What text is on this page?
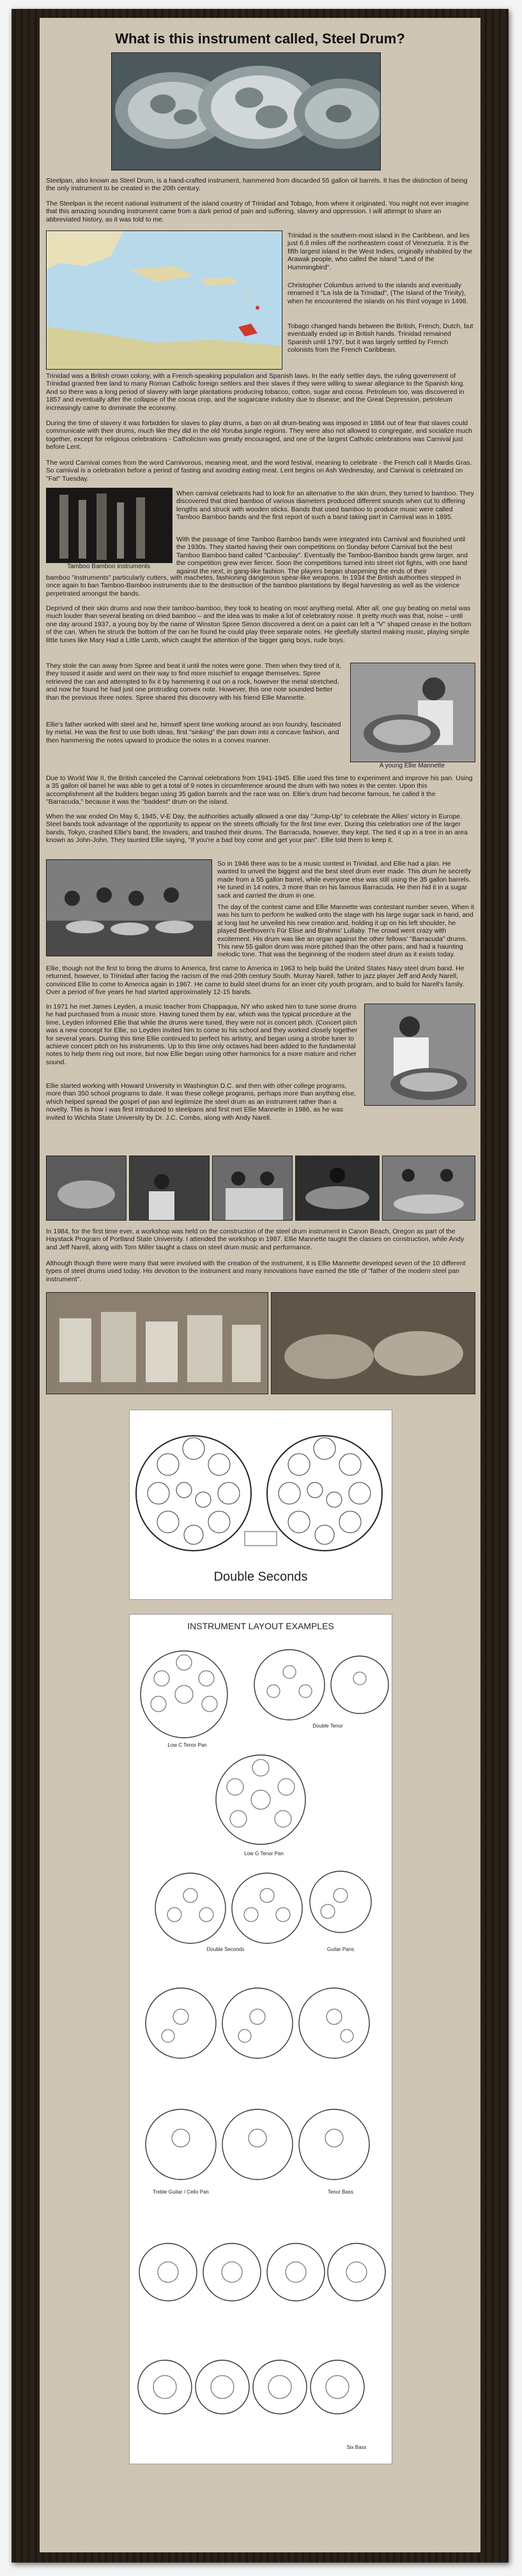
What is this instrument called, Steel Drum?

Steelpan, also known as Steel Drum, is a hand-crafted instrument, hammered from discarded 55 gallon oil barrels. It has the distinction of being the only instrument to be created in the 20th century.

The Steelpan is the recent national instrument of the island country of Trinidad and Tobago, from where it originated. You might not ever imagine that this amazing sounding instrument came from a dark period of pain and suffering, slavery and oppression. I will attempt to share an abbreviated history, as it was told to me.

Trinidad is the southern-most island in the Caribbean, and lies just 6.8 miles off the northeastern coast of Venezuela. It is the fifth largest island in the West Indies, originally inhabited by the Arawak people, who called the island "Land of the Hummingbird".

Christopher Columbus arrived to the islands and eventually renamed it "La Isla de la Trinidad", (The Island of the Trinity), when he encountered the islands on his third voyage in 1498.

Tobago changed hands between the British, French, Dutch, but eventually ended up in British hands. Trinidad remained Spanish until 1797, but it was largely settled by French colonists from the French Caribbean.

Trinidad was a British crown colony, with a French-speaking population and Spanish laws. In the early settler days, the ruling government of Trinidad granted free land to many Roman Catholic foreign settlers and their slaves if they were willing to swear allegiance to the Spanish king. And so there was a long period of slavery with large plantations producing tobacco, cotton, sugar and cocoa. Petroleum too, was discovered in 1857 and eventually after the collapse of the cocoa crop, and the sugarcane industry due to disease; and the Great Depression, petroleum increasingly came to dominate the economy.

During the time of slavery it was forbidden for slaves to play drums, a ban on all drum-beating was imposed in 1884 out of fear that slaves could communicate with their drums, much like they did in the old Yoruba jungle regions. They were also not allowed to congregate, and socialize much together, except for religious celebrations - Catholicism was greatly encouraged, and one of the largest Catholic celebrations was Carnival just before Lent.

The word Carnival comes from the word Carnivorous, meaning meat, and the word festival, meaning to celebrate - the French call it Mardis Gras. So carnival is a celebration before a period of fasting and avoiding eating meat. Lent begins on Ash Wednesday, and Carnival is celebrated on "Fat" Tuesday.

Tamboo Bamboo instruments

When carnival celebrants had to look for an alternative to the skin drum, they turned to bamboo. They discovered that dried bamboo of various diameters produced different sounds when cut to differing lengths and struck with wooden sticks. Bands that used bamboo to produce music were called Tamboo Bamboo bands and the first report of such a band taking part in Carnival was in 1895.

With the passage of time Tamboo Bamboo bands were integrated into Carnival and flourished until the 1930s. They started having their own competitions on Sunday before Carnival but the best Tamboo Bamboo band called "Canboulay". Eventually the Tamboo-Bamboo bands grew larger, and the competition grew ever fiercer. Soon the competitions turned into street riot fights, with one band against the next, in gang-like fashion. The players began sharpening the ends of their

bamboo "instruments" particularly cutters, with machetes, fashioning dangerous spear-like weapons. In 1934 the British authorities stepped in once again to ban Tamboo-Bamboo instruments due to the destruction of the bamboo plantations by illegal harvesting as well as the violence perpetrated amongst the bands.

Deprived of their skin drums and now their tamboo-bamboo, they took to beating on most anything metal. After all, one guy beating on metal was much louder than several beating on dried bamboo – and the idea was to make a lot of celebratory noise. It pretty much was that, noise – until one day around 1937, a young boy by the name of Winston Spree Simon discovered a dent on a paint can left a "V" shaped crease in the bottom of the can. When he struck the bottom of the can he found he could play three separate notes. He gleefully started making music, playing simple little tunes like Mary Had a Little Lamb, which caught the attention of the bigger gang boys, rude boys.

They stole the can away from Spree and beat it until the notes were gone. Then when they tired of it, they tossed it aside and went on their way to find more mischief to engage themselves. Spree retrieved the can and attempted to fix it by hammering it out on a rock, however the metal stretched, and now he found he had just one protruding convex note. However, this one note sounded better than the previous three notes. Spree shared this discovery with his friend Ellie Mannette.

A young Ellie Mannette

Ellie's father worked with steel and he, himself spent time working around an iron foundry, fascinated by metal. He was the first to use both ideas, first "sinking" the pan down into a concave fashion, and then hammering the notes upward to produce the notes in a convex manner.

Due to World War II, the British canceled the Carnival celebrations from 1941-1945. Ellie used this time to experiment and improve his pan. Using a 35 gallon oil barrel he was able to get a total of 9 notes in circumference around the drum with two notes in the center. Upon this accomplishment all the builders began using 35 gallon barrels and the race was on. Ellie's drum had become famous, he called it the "Barracuda," because it was the "baddest" drum on the island.

When the war ended On May 6, 1945, V-E Day, the authorities actually allowed a one day "Jump-Up" to celebrate the Allies' victory in Europe. Steel bands took advantage of the opportunity to appear on the streets officially for the first time ever. During this celebration one of the larger bands, Tokyo, crashed Ellie's band, the Invaders, and trashed their drums. The Barracuda, however, they kept. The tied it up in a tree in an area known as John-John. They taunted Ellie saying, "If you're a bad boy come and get your pan". Ellie told them to keep it.

So in 1946 there was to be a music contest in Trinidad, and Ellie had a plan. He wanted to unveil the biggest and the best steel drum ever made. This drum he secretly made from a 55 gallon barrel, while everyone else was still using the 35 gallon barrels. He tuned in 14 notes, 3 more than on his famous Barracuda. He then hid it in a sugar sack and carried the drum in one.

The day of the contest came and Ellie Mannette was contestant number seven. When it was his turn to perform he walked onto the stage with his large sugar sack in hand, and at long last he unveiled his new creation and, holding it up on his left shoulder, he played Beethoven's Für Elise and Brahms' Lullaby. The crowd went crazy with excitement. His drum was like an organ against the other fellows' "Barracuda" drums. This new 55 gallon drum was more pitched than the other pans, and had a haunting melodic tone. That was the beginning of the modern steel drum as it exists today.

Ellie, though not the first to bring the drums to America, first came to America in 1963 to help build the United States Navy steel drum band. He returned, however, to Trinidad after facing the racism of the mid-20th century South. Murray Narell, father to jazz player Jeff and Andy Narell, convinced Ellie to come to America again in 1967. He came to build steel drums for an inner city youth program, and to build for Narell's family. Over a period of five years he had started approximately 12-15 bands.

In 1971 he met James Leyden, a music teacher from Chappaqua, NY who asked him to tune some drums he had purchased from a music store. Having tuned them by ear, which was the typical procedure at the time, Leyden informed Ellie that while the drums were tuned, they were not in concert pitch. (Concert pitch was a new concept for Ellie, so Leyden invited him to come to his school and they worked closely together for several years. During this time Ellie continued to perfect his artistry, and began using a strobe tuner to achieve concert pitch on his instruments. Up to this time only octaves had been added to the fundamental notes to help them ring out more, but now Ellie began using other harmonics for a more mature and richer sound.

Ellie started working with Howard University in Washington D.C. and then with other college programs, more than 350 school programs to date. It was these college programs, perhaps more than anything else, which helped spread the gospel of pan and legitimize the steel drum as an instrument rather than a novelty. This is how I was first introduced to steelpans and first met Ellie Mannette in 1986, as he was invited to Wichita State University by Dr. J.C. Combs, along with Andy Narell.

In 1984, for the first time ever, a workshop was held on the construction of the steel drum instrument in Canon Beach, Oregon as part of the Haystack Program of Portland State University. I attended the workshop in 1987. Ellie Mannette taught the classes on construction, while Andy and Jeff Narell, along with Tom Miller taught a class on steel drum music and performance.

Although though there were many that were involved with the creation of the instrument, it is Ellie Mannette developed seven of the 10 different types of steel drums used today. His devotion to the instrument and many innovations have earned the title of "father of the modern steel pan instrument".

Double Seconds
INSTRUMENT LAYOUT EXAMPLES
Low C Tenor Pan
Double Tenor
Low G Tenor Pan
Double Seconds	Guitar Pans
Treble Guitar / Cello Pan	Tenor Bass
Six Bass
